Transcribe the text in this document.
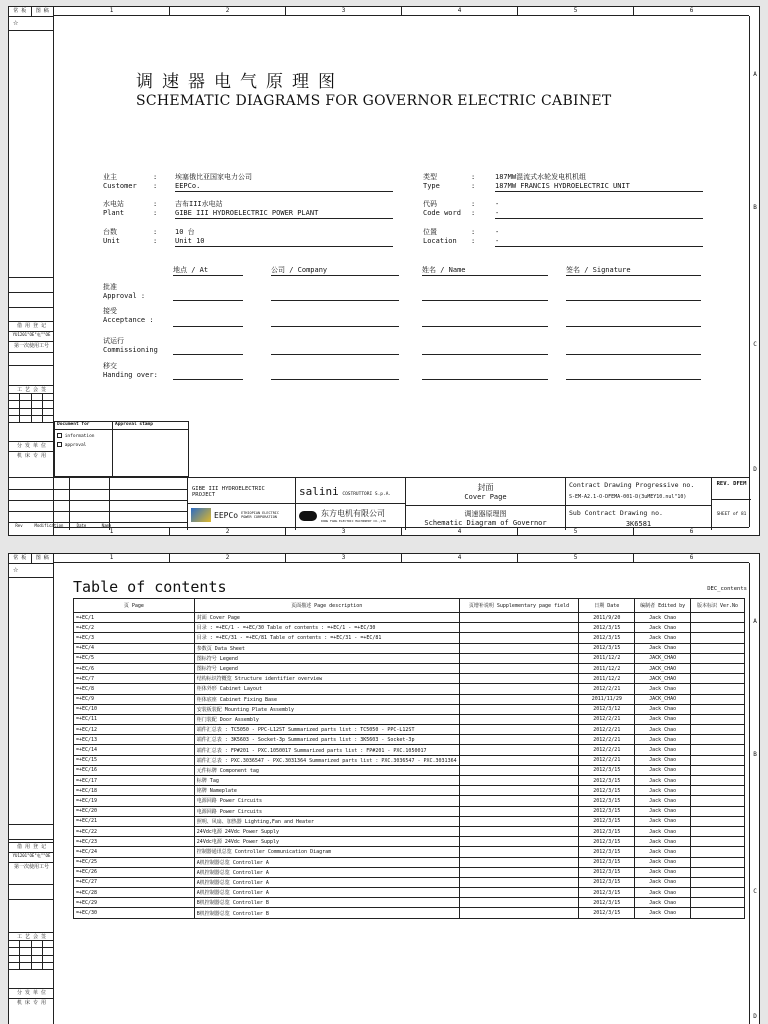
1	2	3	4	5	6
A
B
C
D
1	2	3	4	5	6
常 板	图 稿
☆
借 用 登 记
YU1201"OE"电""OE
第一次使用工号
工 艺 会 签
分 发 单 位
机 床 专 用
调速器电气原理图
SCHEMATIC DIAGRAMS FOR GOVERNOR ELECTRIC CABINET
业主	:	埃塞俄比亚国家电力公司
Customer	:	EEPCo.
水电站	:	吉布III水电站
Plant	:	GIBE III HYDROELECTRIC POWER PLANT
台数	:	10 台
Unit	:	Unit 10
类型	:	187MW混流式水轮发电机机组
Type	:	187MW FRANCIS HYDROELECTRIC UNIT
代码	:	-
Code word	:	-
位置	:	-
Location	:	-
地点 / At	公司 / Company	姓名 / Name	签名 / Signature
批准
Approval :
接受
Acceptance :
试运行
Commissioning
移交
Handing over:
Document for	Approval stamp
information
approval
Rev	Modification	Date	Name
GIBE III HYDROELECTRIC PROJECT
EEPCo ETHIOPIAN ELECTRIC POWER CORPORATION
salini COSTRUTTORI S.p.A.
东方电机有限公司
DONG FANG ELECTRIC MACHINERY CO.,LTD
封面
Cover Page
调速器原理图
Schematic Diagram of Governor
Contract Drawing Progressive no.
S-EM-A2.1-O-DFEMA-001-D(3uMEY10.nul"10)
Sub Contract Drawing no.
3K6581
REV. DFEM
SHEET of 81
1	2	3	4	5	6
A
B
C
D
常 板	图 稿
☆
借 用 登 记
YU1201"OE"电""OE
第一次使用工号
工 艺 会 签
分 发 单 位
机 床 专 用
Table of contents	DEC_contents
页 Page	页面描述 Page description	页增补说明 Supplementary page field	日期 Date	编制者 Edited by	版本标识 Ver.No
=+EC/1	封面 Cover Page		2011/9/20	Jack Chao	
=+EC/2	目录 : =+EC/1 - =+EC/30 Table of contents : =+EC/1 - =+EC/30		2012/3/15	Jack Chao	
=+EC/3	目录 : =+EC/31 - =+EC/81 Table of contents : =+EC/31 - =+EC/81		2012/3/15	Jack Chao	
=+EC/4	参数页 Data Sheet		2012/3/15	Jack Chao	
=+EC/5	图标符号 Legend		2011/12/2	JACK_CHAO	
=+EC/6	图标符号 Legend		2011/12/2	JACK_CHAO	
=+EC/7	结构标识符概览 Structure identifier overview		2011/12/2	JACK_CHAO	
=+EC/8	柜体外形 Cabinet Layout		2012/2/21	Jack Chao	
=+EC/9	柜体底座 Cabinet Fixing Base		2011/11/29	JACK_CHAO	
=+EC/10	安装板装配 Mounting Plate Assembly		2012/3/12	Jack Chao	
=+EC/11	柜门装配 Door Assembly		2012/2/21	Jack Chao	
=+EC/12	端件汇总表 : TC5050 - PPC-L12ST Summarized parts list : TC5050 - PPC-L12ST		2012/2/21	Jack Chao	
=+EC/13	端件汇总表 : 3K5603 - Socket-3p Summarized parts list : 3K5603 - Socket-3p		2012/2/21	Jack Chao	
=+EC/14	端件汇总表 : FP#201 - PXC.1050017 Summarized parts list : FP#201 - PXC.1050017		2012/2/21	Jack Chao	
=+EC/15	端件汇总表 : PXC.3036547 - PXC.3031364 Summarized parts list : PXC.3036547 - PXC.3031364		2012/2/21	Jack Chao	
=+EC/16	元件标牌 Component tag		2012/3/15	Jack Chao	
=+EC/17	标牌 Tag		2012/3/15	Jack Chao	
=+EC/18	铭牌 Nameplate		2012/3/15	Jack Chao	
=+EC/19	电源回路 Power Circuits		2012/3/15	Jack Chao	
=+EC/20	电源回路 Power Circuits		2012/3/15	Jack Chao	
=+EC/21	照明、风扇、加热器 Lighting,Fan and Heater		2012/3/15	Jack Chao	
=+EC/22	24Vdc电源 24Vdc Power Supply		2012/3/15	Jack Chao	
=+EC/23	24Vdc电源 24Vdc Power Supply		2012/3/15	Jack Chao	
=+EC/24	控制器通讯总览 Controller Communication Diagram		2012/3/15	Jack Chao	
=+EC/25	A机控制器总览 Controller A		2012/3/15	Jack Chao	
=+EC/26	A机控制器总览 Controller A		2012/3/15	Jack Chao	
=+EC/27	A机控制器总览 Controller A		2012/3/15	Jack Chao	
=+EC/28	A机控制器总览 Controller A		2012/3/15	Jack Chao	
=+EC/29	B机控制器总览 Controller B		2012/3/15	Jack Chao	
=+EC/30	B机控制器总览 Controller B		2012/3/15	Jack Chao	
